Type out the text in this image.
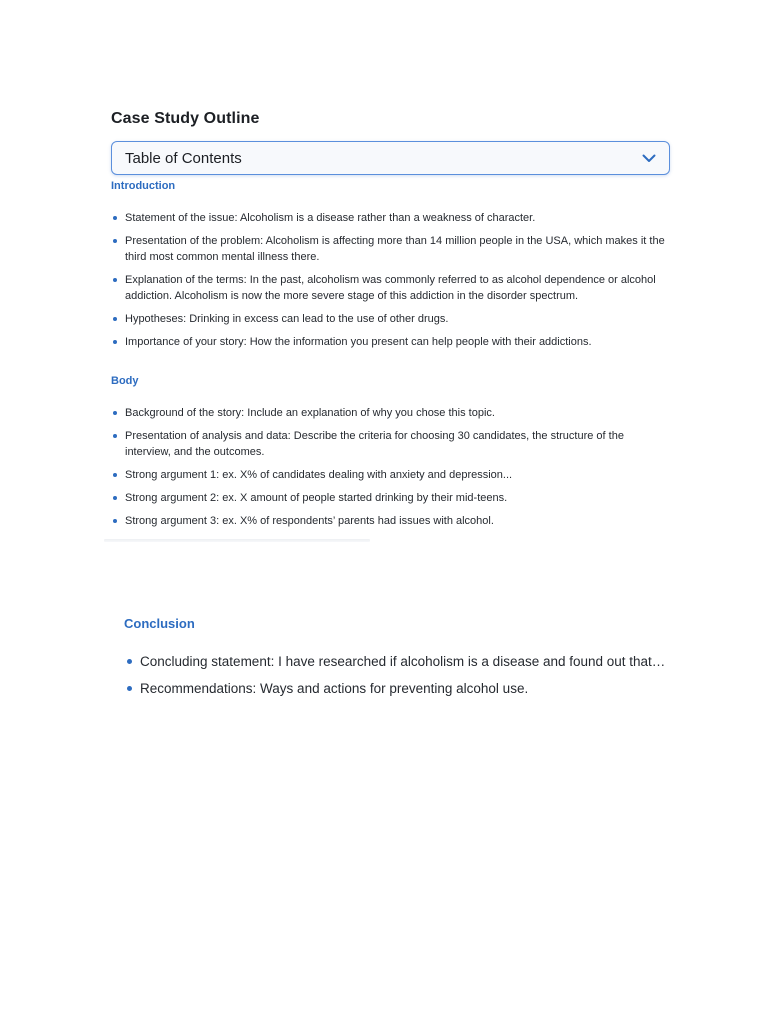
Case Study Outline
Table of Contents
Introduction
Statement of the issue: Alcoholism is a disease rather than a weakness of character.
Presentation of the problem: Alcoholism is affecting more than 14 million people in the USA, which makes it the third most common mental illness there.
Explanation of the terms: In the past, alcoholism was commonly referred to as alcohol dependence or alcohol addiction. Alcoholism is now the more severe stage of this addiction in the disorder spectrum.
Hypotheses: Drinking in excess can lead to the use of other drugs.
Importance of your story: How the information you present can help people with their addictions.
Body
Background of the story: Include an explanation of why you chose this topic.
Presentation of analysis and data: Describe the criteria for choosing 30 candidates, the structure of the interview, and the outcomes.
Strong argument 1: ex. X% of candidates dealing with anxiety and depression...
Strong argument 2: ex. X amount of people started drinking by their mid-teens.
Strong argument 3: ex. X% of respondents’ parents had issues with alcohol.
Conclusion
Concluding statement: I have researched if alcoholism is a disease and found out that…
Recommendations: Ways and actions for preventing alcohol use.
